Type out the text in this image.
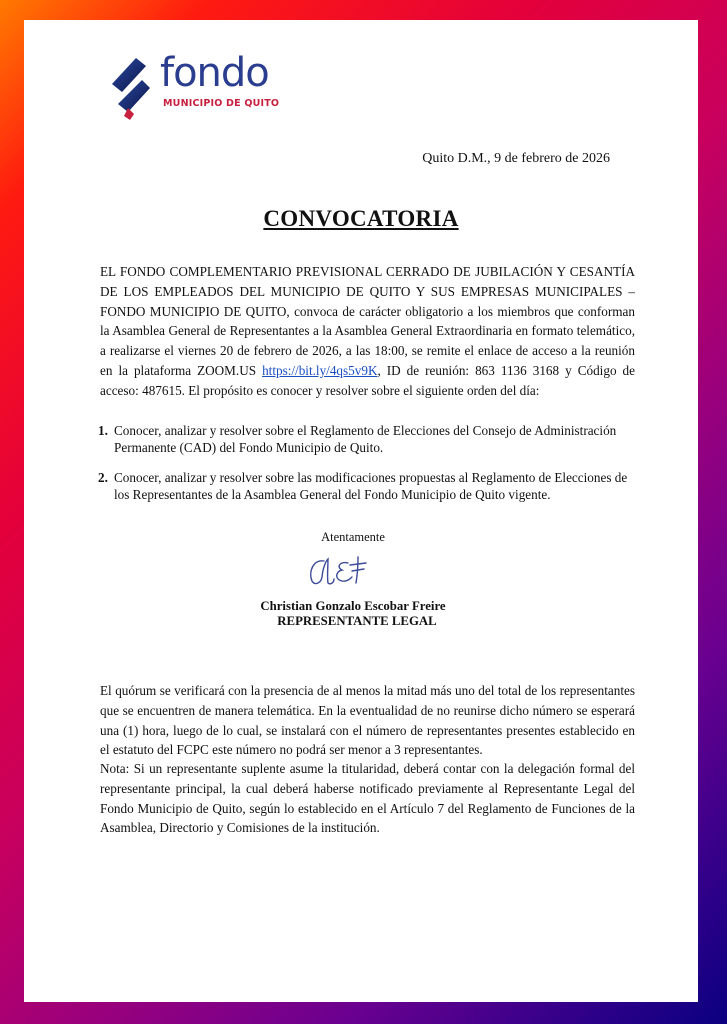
fondo
MUNICIPIO DE QUITO
Quito D.M., 9 de febrero de 2026
CONVOCATORIA
EL FONDO COMPLEMENTARIO PREVISIONAL CERRADO DE JUBILACIÓN Y CESANTÍA DE LOS EMPLEADOS DEL MUNICIPIO DE QUITO Y SUS EMPRESAS MUNICIPALES – FONDO MUNICIPIO DE QUITO, convoca de carácter obligatorio a los miembros que conforman la Asamblea General de Representantes a la Asamblea General Extraordinaria en formato telemático, a realizarse el viernes 20 de febrero de 2026, a las 18:00, se remite el enlace de acceso a la reunión en la plataforma ZOOM.US https://bit.ly/4qs5v9K, ID de reunión: 863 1136 3168 y Código de acceso: 487615. El propósito es conocer y resolver sobre el siguiente orden del día:
1. Conocer, analizar y resolver sobre el Reglamento de Elecciones del Consejo de Administración Permanente (CAD) del Fondo Municipio de Quito.
2. Conocer, analizar y resolver sobre las modificaciones propuestas al Reglamento de Elecciones de los Representantes de la Asamblea General del Fondo Municipio de Quito vigente.
Atentamente
Christian Gonzalo Escobar Freire
REPRESENTANTE LEGAL
El quórum se verificará con la presencia de al menos la mitad más uno del total de los representantes que se encuentren de manera telemática. En la eventualidad de no reunirse dicho número se esperará una (1) hora, luego de lo cual, se instalará con el número de representantes presentes establecido en el estatuto del FCPC este número no podrá ser menor a 3 representantes.
Nota: Si un representante suplente asume la titularidad, deberá contar con la delegación formal del representante principal, la cual deberá haberse notificado previamente al Representante Legal del Fondo Municipio de Quito, según lo establecido en el Artículo 7 del Reglamento de Funciones de la Asamblea, Directorio y Comisiones de la institución.
